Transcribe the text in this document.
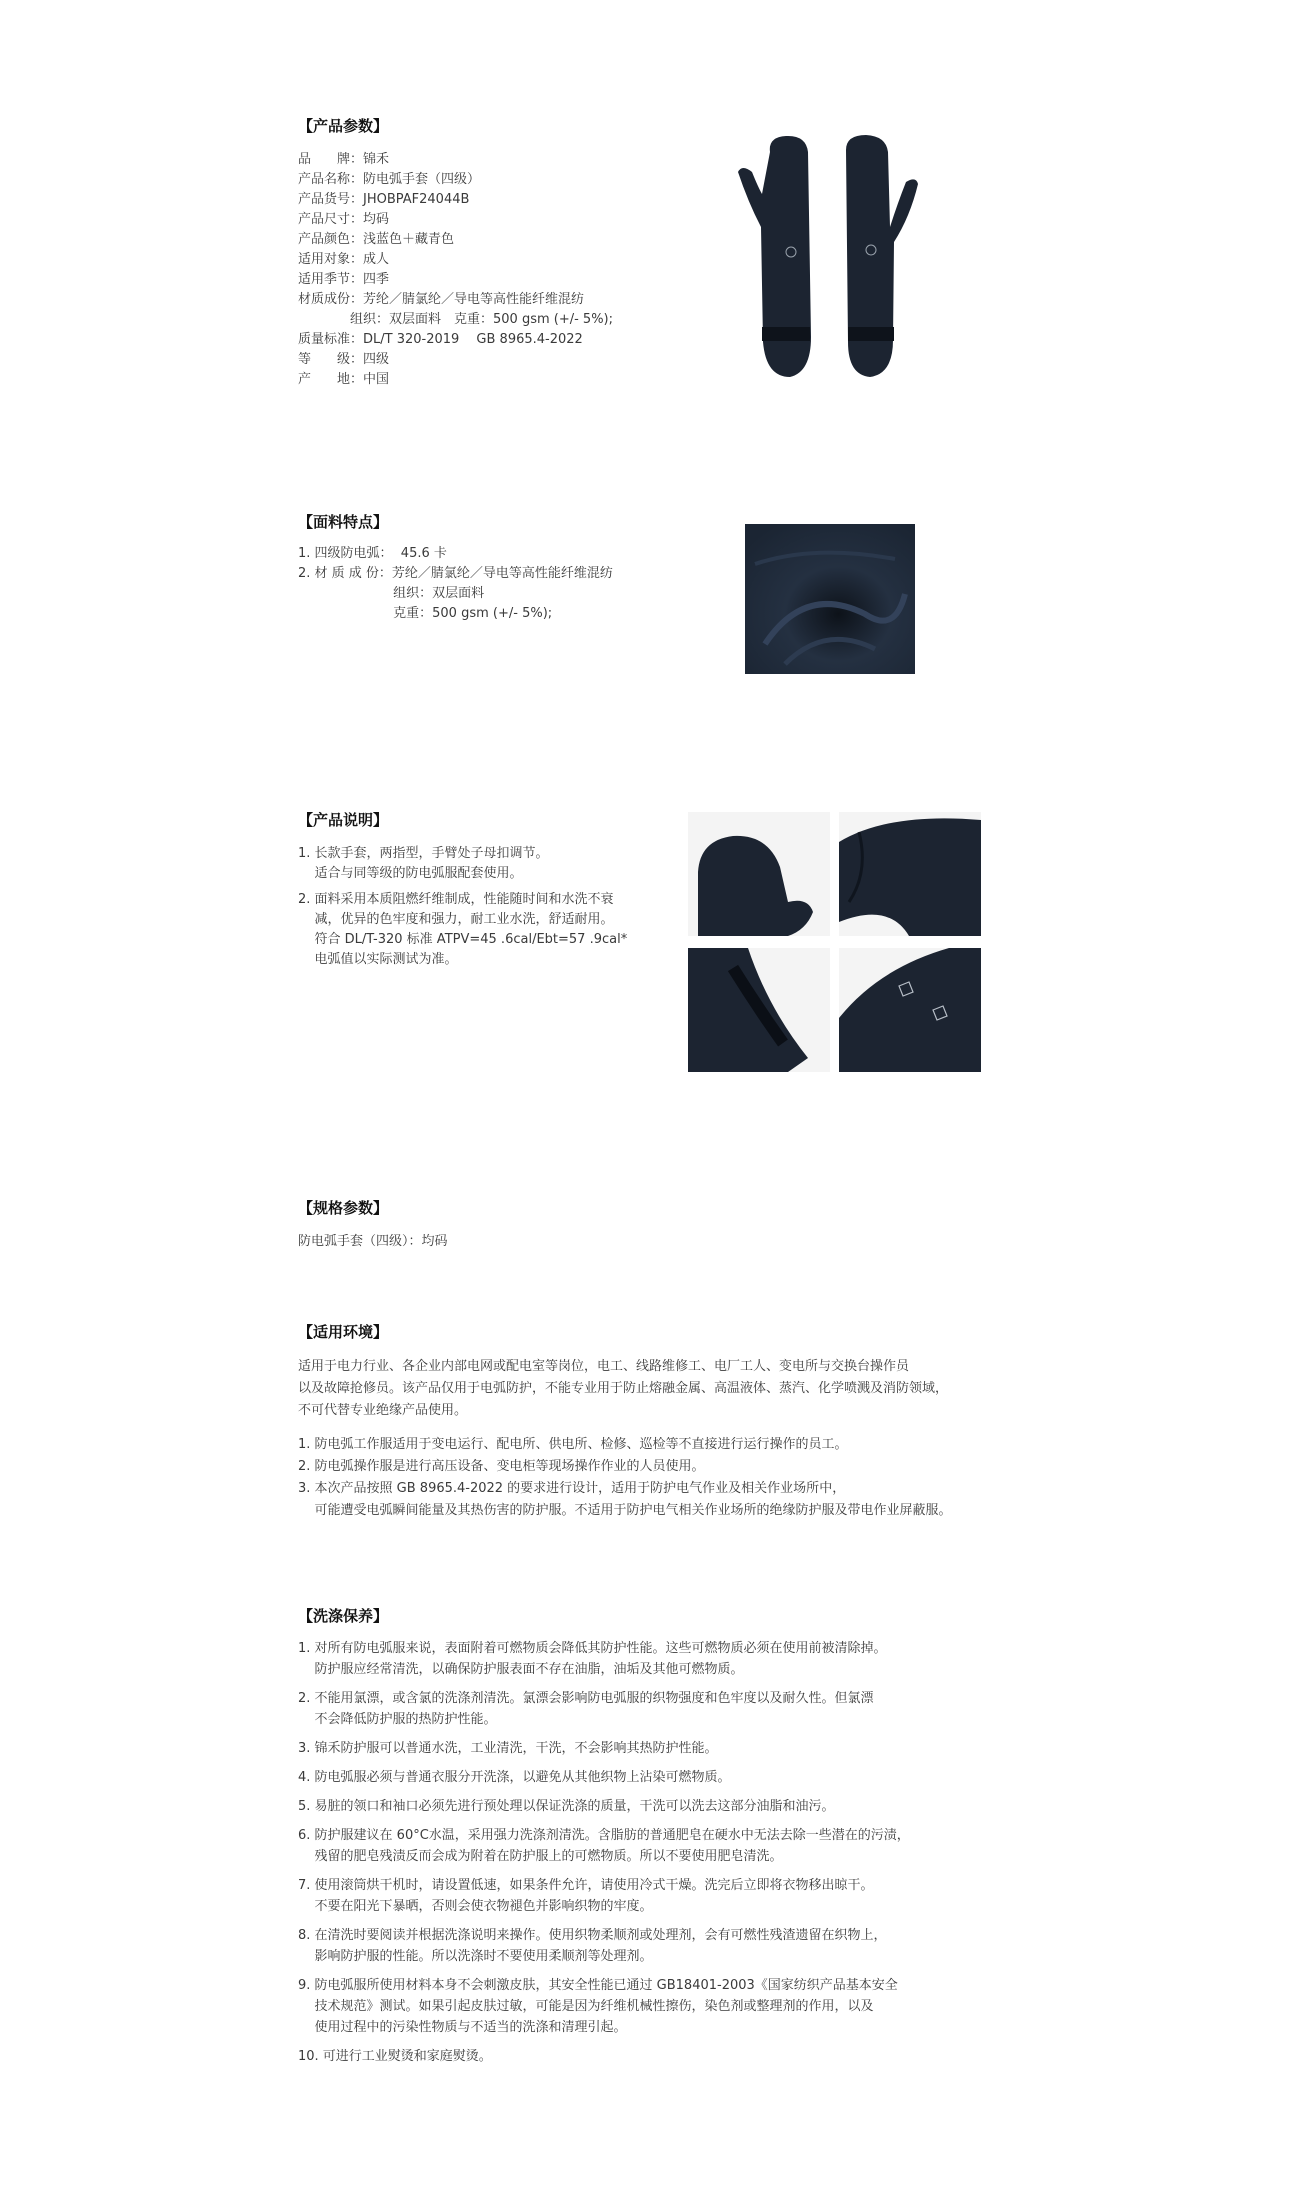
【产品参数】
品　　牌：锦禾
产品名称：防电弧手套（四级）
产品货号：JHOBPAF24044B
产品尺寸：均码
产品颜色：浅蓝色＋藏青色
适用对象：成人
适用季节：四季
材质成份：芳纶／腈氯纶／导电等高性能纤维混纺
　　　　组织：双层面料　克重：500 gsm (+/- 5%);
质量标准：DL/T 320-2019　 GB 8965.4-2022
等　　级：四级
产　　地：中国
【面料特点】
1. 四级防电弧：  45.6 卡
2. 材 质 成 份：芳纶／腈氯纶／导电等高性能纤维混纺
　　　　　　　 组织：双层面料
　　　　　　　 克重：500 gsm (+/- 5%);
【产品说明】
1. 长款手套，两指型，手臂处子母扣调节。
适合与同等级的防电弧服配套使用。
2. 面料采用本质阻燃纤维制成，性能随时间和水洗不衰
减，优异的色牢度和强力，耐工业水洗，舒适耐用。
符合 DL/T-320 标准 ATPV=45 .6cal/Ebt=57 .9cal*
电弧值以实际测试为准。
【规格参数】
防电弧手套（四级）：均码
【适用环境】
适用于电力行业、各企业内部电网或配电室等岗位，电工、线路维修工、电厂工人、变电所与交换台操作员
以及故障抢修员。该产品仅用于电弧防护，不能专业用于防止熔融金属、高温液体、蒸汽、化学喷溅及消防领域，
不可代替专业绝缘产品使用。
1. 防电弧工作服适用于变电运行、配电所、供电所、检修、巡检等不直接进行运行操作的员工。
2. 防电弧操作服是进行高压设备、变电柜等现场操作作业的人员使用。
3. 本次产品按照 GB 8965.4-2022 的要求进行设计，适用于防护电气作业及相关作业场所中，
可能遭受电弧瞬间能量及其热伤害的防护服。不适用于防护电气相关作业场所的绝缘防护服及带电作业屏蔽服。
【洗涤保养】
1. 对所有防电弧服来说，表面附着可燃物质会降低其防护性能。这些可燃物质必须在使用前被清除掉。
防护服应经常清洗，以确保防护服表面不存在油脂，油垢及其他可燃物质。
2. 不能用氯漂，或含氯的洗涤剂清洗。氯漂会影响防电弧服的织物强度和色牢度以及耐久性。但氯漂
不会降低防护服的热防护性能。
3. 锦禾防护服可以普通水洗，工业清洗，干洗，不会影响其热防护性能。
4. 防电弧服必须与普通衣服分开洗涤，以避免从其他织物上沾染可燃物质。
5. 易脏的领口和袖口必须先进行预处理以保证洗涤的质量，干洗可以洗去这部分油脂和油污。
6. 防护服建议在 60°C水温，采用强力洗涤剂清洗。含脂肪的普通肥皂在硬水中无法去除一些潜在的污渍，
残留的肥皂残渍反而会成为附着在防护服上的可燃物质。所以不要使用肥皂清洗。
7. 使用滚筒烘干机时，请设置低速，如果条件允许，请使用冷式干燥。洗完后立即将衣物移出晾干。
不要在阳光下暴晒，否则会使衣物褪色并影响织物的牢度。
8. 在清洗时要阅读并根据洗涤说明来操作。使用织物柔顺剂或处理剂，会有可燃性残渣遗留在织物上，
影响防护服的性能。所以洗涤时不要使用柔顺剂等处理剂。
9. 防电弧服所使用材料本身不会刺激皮肤，其安全性能已通过 GB18401-2003《国家纺织产品基本安全
技术规范》测试。如果引起皮肤过敏，可能是因为纤维机械性擦伤，染色剂或整理剂的作用，以及
使用过程中的污染性物质与不适当的洗涤和清理引起。
10. 可进行工业熨烫和家庭熨烫。
